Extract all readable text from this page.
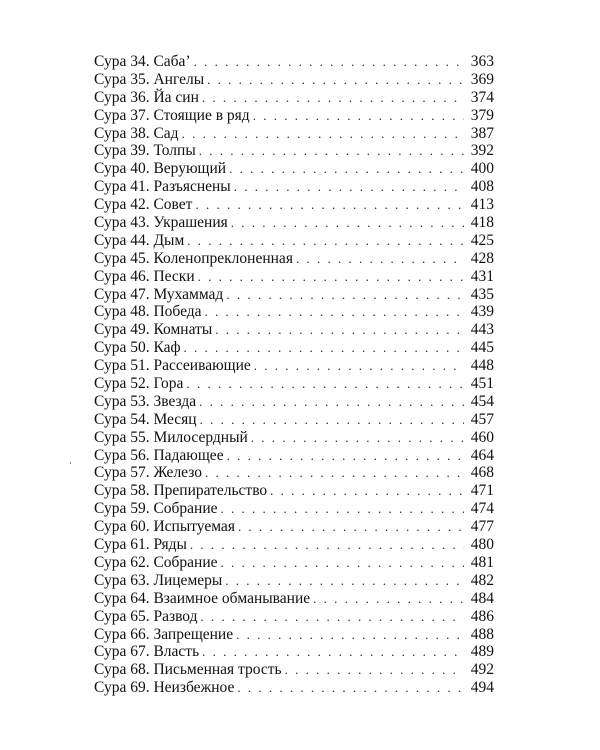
Сура 34. Саба’ . . .	363
Сура 35. Ангелы . . .	369
Сура 36. Йа син . . .	374
Сура 37. Стоящие в ряд . . .	379
Сура 38. Сад . . .	387
Сура 39. Толпы . . .	392
Сура 40. Верующий . . .	400
Сура 41. Разъяснены . . .	408
Сура 42. Совет . . .	413
Сура 43. Украшения . . .	418
Сура 44. Дым . . .	425
Сура 45. Коленопреклоненная . . .	428
Сура 46. Пески . . .	431
Сура 47. Мухаммад . . .	435
Сура 48. Победа . . .	439
Сура 49. Комнаты . . .	443
Сура 50. Каф . . .	445
Сура 51. Рассеивающие . . .	448
Сура 52. Гора . . .	451
Сура 53. Звезда . . .	454
Сура 54. Месяц . . .	457
Сура 55. Милосердный . . .	460
Сура 56. Падающее . . .	464
Сура 57. Железо . . .	468
Сура 58. Препирательство . . .	471
Сура 59. Собрание . . .	474
Сура 60. Испытуемая . . .	477
Сура 61. Ряды . . .	480
Сура 62. Собрание . . .	481
Сура 63. Лицемеры . . .	482
Сура 64. Взаимное обманывание . . .	484
Сура 65. Развод . . .	486
Сура 66. Запрещение . . .	488
Сура 67. Власть . . .	489
Сура 68. Письменная трость . . .	492
Сура 69. Неизбежное . . .	494
